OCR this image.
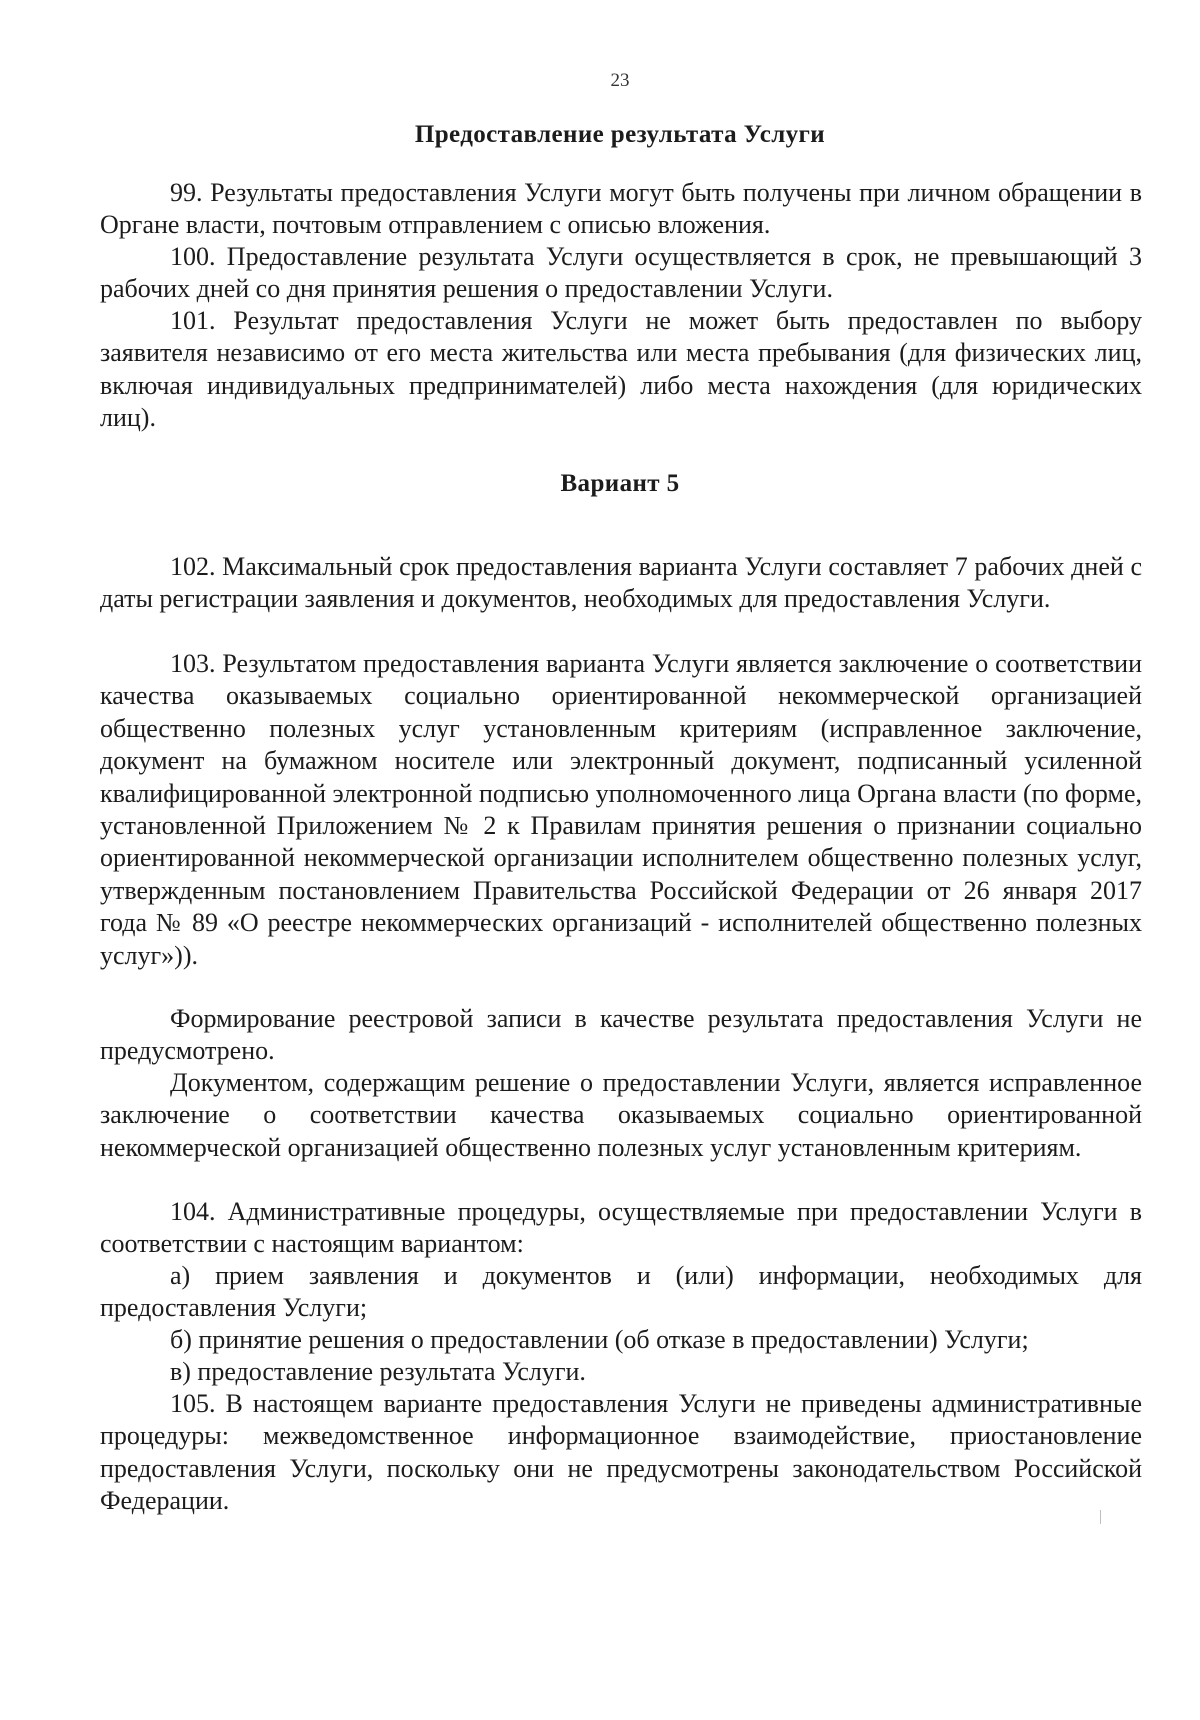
23
Предоставление результата Услуги

99. Результаты предоставления Услуги могут быть получены при личном обращении в Органе власти, почтовым отправлением с описью вложения.

100. Предоставление результата Услуги осуществляется в срок, не превышающий 3 рабочих дней со дня принятия решения о предоставлении Услуги.

101. Результат предоставления Услуги не может быть предоставлен по выбору заявителя независимо от его места жительства или места пребывания (для физических лиц, включая индивидуальных предпринимателей) либо места нахождения (для юридических лиц).

Вариант 5

102. Максимальный срок предоставления варианта Услуги составляет 7 рабочих дней с даты регистрации заявления и документов, необходимых для предоставления Услуги.

103. Результатом предоставления варианта Услуги является заключение о соответствии качества оказываемых социально ориентированной некоммерческой организацией общественно полезных услуг установленным критериям (исправленное заключение, документ на бумажном носителе или электронный документ, подписанный усиленной квалифицированной электронной подписью уполномоченного лица Органа власти (по форме, установленной Приложением № 2 к Правилам принятия решения о признании социально ориентированной некоммерческой организации исполнителем общественно полезных услуг, утвержденным постановлением Правительства Российской Федерации от 26 января 2017 года № 89 «О реестре некоммерческих организаций - исполнителей общественно полезных услуг»)).

Формирование реестровой записи в качестве результата предоставления Услуги не предусмотрено.

Документом, содержащим решение о предоставлении Услуги, является исправленное заключение о соответствии качества оказываемых социально ориентированной некоммерческой организацией общественно полезных услуг установленным критериям.

104. Административные процедуры, осуществляемые при предоставлении Услуги в соответствии с настоящим вариантом:

а) прием заявления и документов и (или) информации, необходимых для предоставления Услуги;

б) принятие решения о предоставлении (об отказе в предоставлении) Услуги;

в) предоставление результата Услуги.

105. В настоящем варианте предоставления Услуги не приведены административные процедуры: межведомственное информационное взаимодействие, приостановление предоставления Услуги, поскольку они не предусмотрены законодательством Российской Федерации.
